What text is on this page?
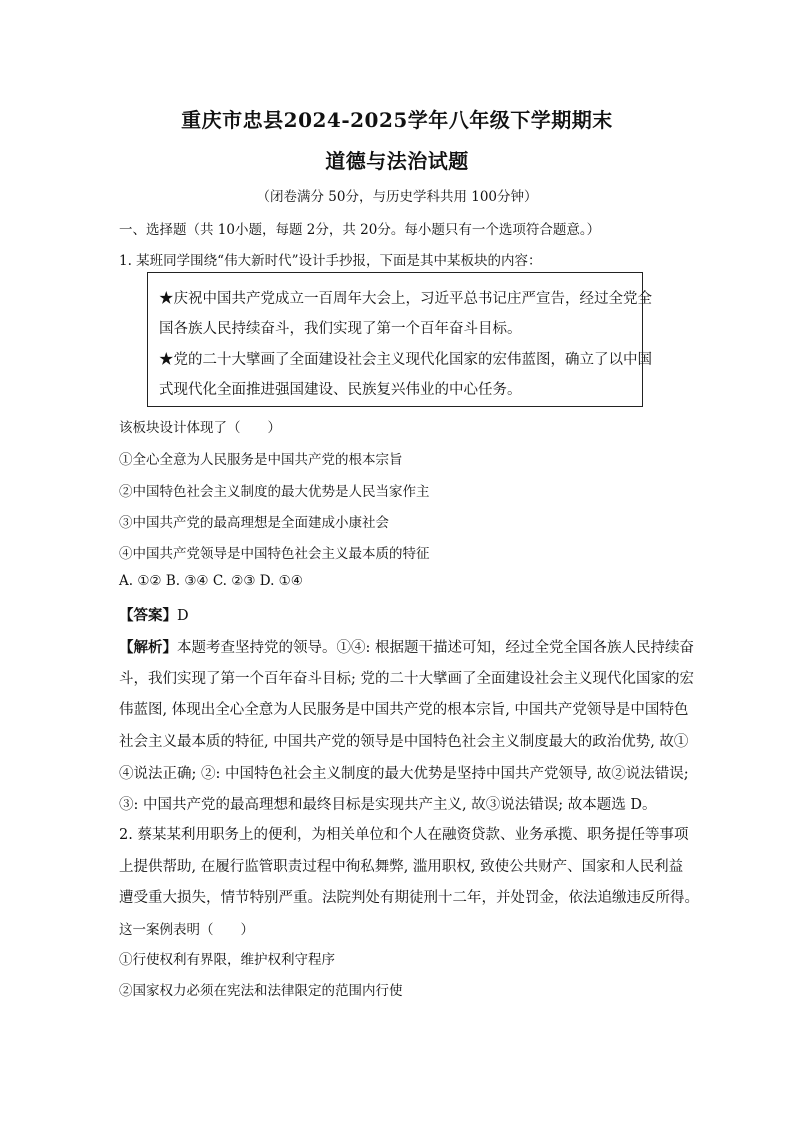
重庆市忠县2024-2025学年八年级下学期期末
道德与法治试题
（闭卷满分 50分，与历史学科共用 100分钟）
一、选择题（共 10小题，每题 2分，共 20分。每小题只有一个选项符合题意。）
1. 某班同学围绕“伟大新时代”设计手抄报，下面是其中某板块的内容：
★庆祝中国共产党成立一百周年大会上，习近平总书记庄严宣告，经过全党全
国各族人民持续奋斗，我们实现了第一个百年奋斗目标。
★党的二十大擘画了全面建设社会主义现代化国家的宏伟蓝图，确立了以中国
式现代化全面推进强国建设、民族复兴伟业的中心任务。
该板块设计体现了（　　）
①全心全意为人民服务是中国共产党的根本宗旨
②中国特色社会主义制度的最大优势是人民当家作主
③中国共产党的最高理想是全面建成小康社会
④中国共产党领导是中国特色社会主义最本质的特征
A. ①② B. ③④ C. ②③ D. ①④
【答案】D
【解析】本题考查坚持党的领导。①④: 根据题干描述可知，经过全党全国各族人民持续奋
斗，我们实现了第一个百年奋斗目标; 党的二十大擘画了全面建设社会主义现代化国家的宏
伟蓝图, 体现出全心全意为人民服务是中国共产党的根本宗旨, 中国共产党领导是中国特色
社会主义最本质的特征, 中国共产党的领导是中国特色社会主义制度最大的政治优势, 故①
④说法正确; ②: 中国特色社会主义制度的最大优势是坚持中国共产党领导, 故②说法错误;
③: 中国共产党的最高理想和最终目标是实现共产主义, 故③说法错误; 故本题选 D。
2. 蔡某某利用职务上的便利，为相关单位和个人在融资贷款、业务承揽、职务提任等事项
上提供帮助, 在履行监管职责过程中徇私舞弊, 滥用职权, 致使公共财产、国家和人民利益
遭受重大损失，情节特别严重。法院判处有期徒刑十二年，并处罚金，依法追缴违反所得。
这一案例表明（　　）
①行使权利有界限，维护权利守程序
②国家权力必须在宪法和法律限定的范围内行使
